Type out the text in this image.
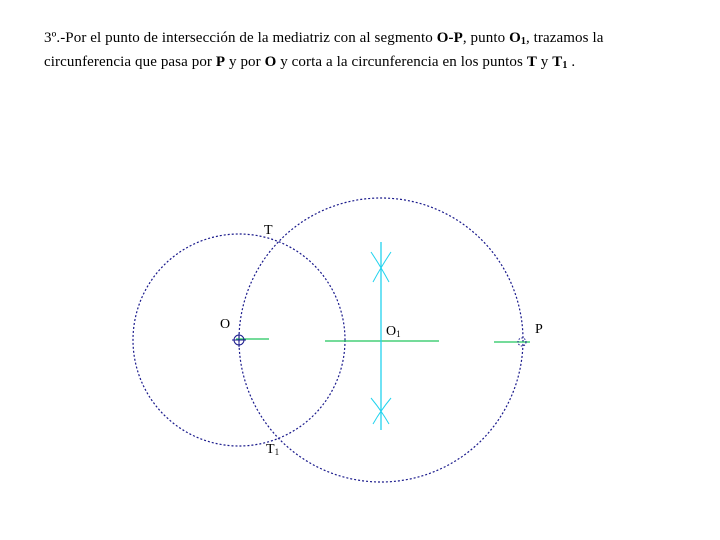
3º.-Por el punto de intersección de la mediatriz con al segmento O-P, punto $O_1$, trazamos la circunferencia que pasa por P y por O y corta a la circunferencia en los puntos T y $T_1$ .
O	P
T
O1
T1
